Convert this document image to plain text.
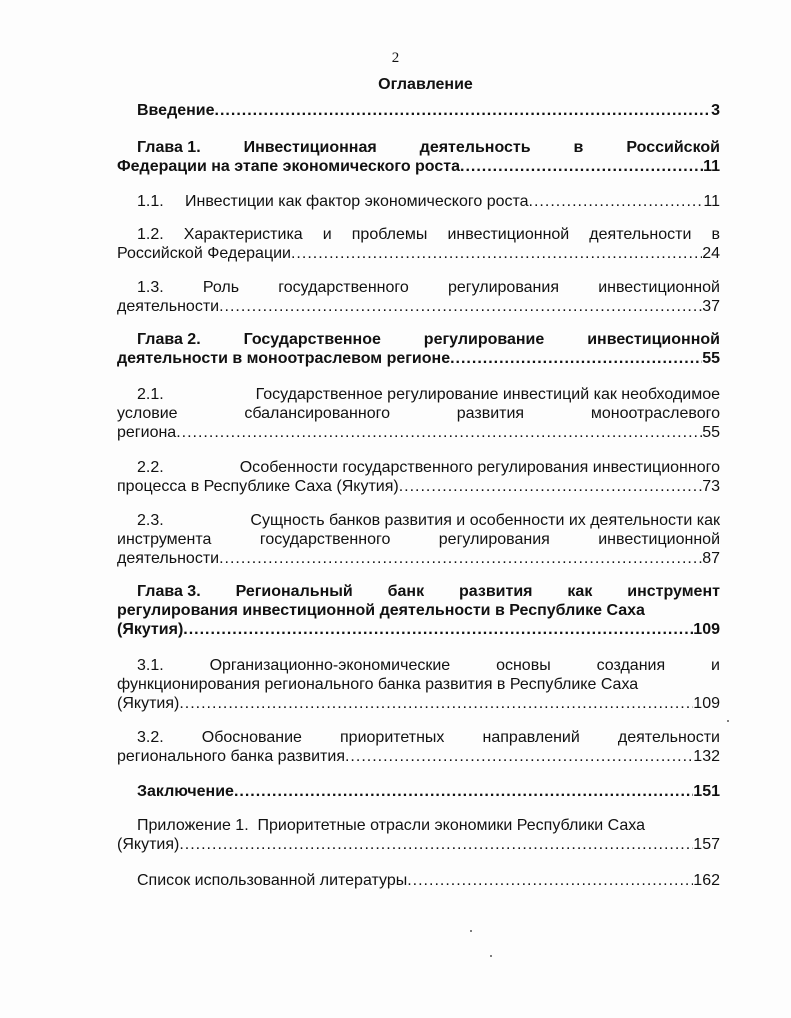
2
Оглавление
Введение .....	3
Глава 1.	Инвестиционная	деятельность	в	Российской
Федерации на этапе экономического роста .....	11
1.1. Инвестиции как фактор экономического роста .....	11
1.2. Характеристика и проблемы инвестиционной деятельности в
Российской Федерации .....	24
1.3. Роль государственного регулирования инвестиционной
деятельности .....	37
Глава 2.	Государственное	регулирование	инвестиционной
деятельности в моноотраслевом регионе .....	55
2.1.	Государственное регулирование инвестиций как необходимое
условие	сбалансированного	развития	моноотраслевого
региона .....	55
2.2.	Особенности государственного регулирования инвестиционного
процесса в Республике Саха (Якутия) .....	73
2.3.	Сущность банков развития и особенности их деятельности как
инструмента	государственного	регулирования	инвестиционной
деятельности .....	87
Глава 3. Региональный банк развития как инструмент
регулирования инвестиционной деятельности в Республике Саха
(Якутия) .....	109
3.1.	Организационно-экономические	основы	создания	и
функционирования регионального банка развития в Республике Саха
(Якутия) .....	109
3.2. Обоснование приоритетных направлений деятельности
регионального банка развития .....	132
Заключение .....	151
Приложение 1.  Приоритетные отрасли экономики Республики Саха
(Якутия) .....	157
Список использованной литературы .....	162
